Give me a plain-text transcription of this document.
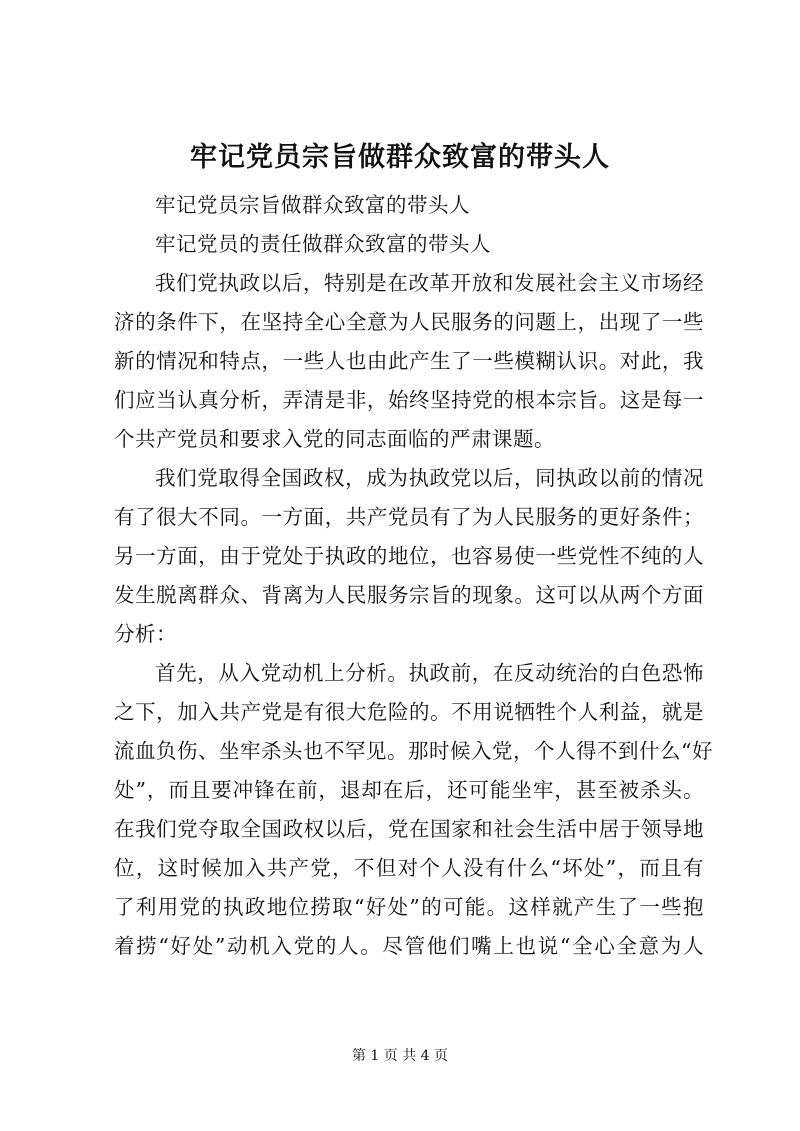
牢记党员宗旨做群众致富的带头人
牢记党员宗旨做群众致富的带头人
牢记党员的责任做群众致富的带头人
我们党执政以后，特别是在改革开放和发展社会主义市场经
济的条件下，在坚持全心全意为人民服务的问题上，出现了一些
新的情况和特点，一些人也由此产生了一些模糊认识。对此，我
们应当认真分析，弄清是非，始终坚持党的根本宗旨。这是每一
个共产党员和要求入党的同志面临的严肃课题。
我们党取得全国政权，成为执政党以后，同执政以前的情况
有了很大不同。一方面，共产党员有了为人民服务的更好条件；
另一方面，由于党处于执政的地位，也容易使一些党性不纯的人
发生脱离群众、背离为人民服务宗旨的现象。这可以从两个方面
分析：
首先，从入党动机上分析。执政前，在反动统治的白色恐怖
之下，加入共产党是有很大危险的。不用说牺牲个人利益，就是
流血负伤、坐牢杀头也不罕见。那时候入党，个人得不到什么“好
处”，而且要冲锋在前，退却在后，还可能坐牢，甚至被杀头。
在我们党夺取全国政权以后，党在国家和社会生活中居于领导地
位，这时候加入共产党，不但对个人没有什么“坏处”，而且有
了利用党的执政地位捞取“好处”的可能。这样就产生了一些抱
着捞“好处”动机入党的人。尽管他们嘴上也说“全心全意为人
第 1 页 共 4 页
